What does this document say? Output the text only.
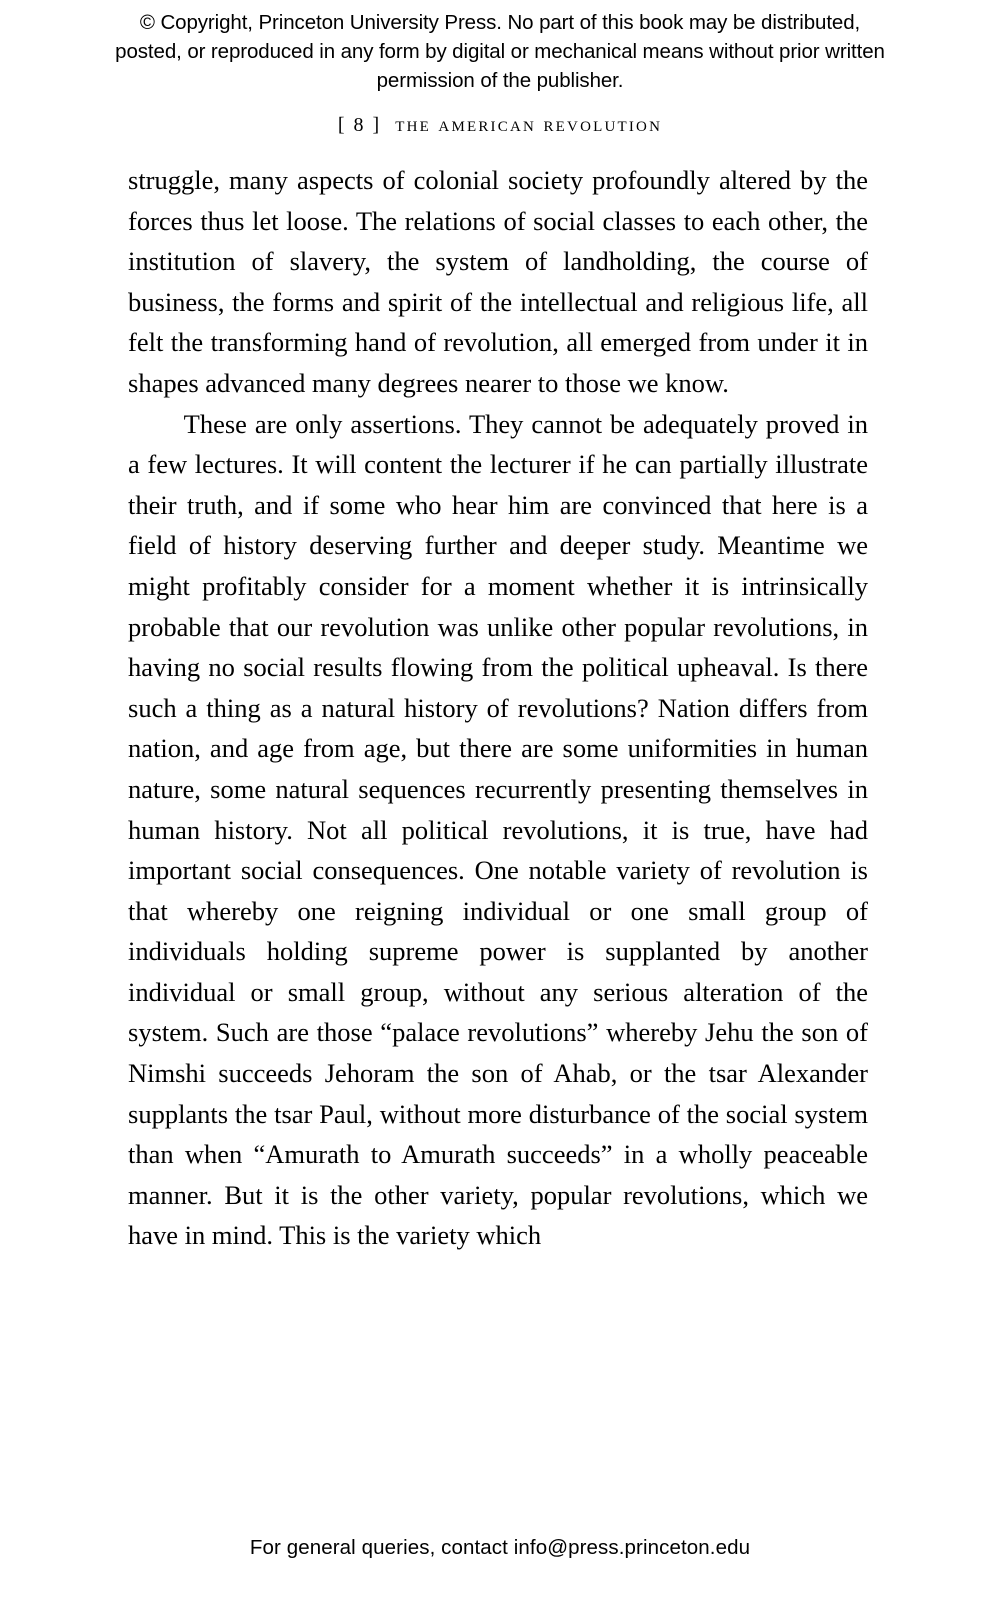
© Copyright, Princeton University Press. No part of this book may be distributed, posted, or reproduced in any form by digital or mechanical means without prior written permission of the publisher.
[ 8 ] the american revolution

struggle, many aspects of colonial society profoundly altered by the forces thus let loose. The relations of social classes to each other, the institution of slavery, the system of landholding, the course of business, the forms and spirit of the intellectual and religious life, all felt the transforming hand of revolution, all emerged from under it in shapes advanced many degrees nearer to those we know.

These are only assertions. They cannot be adequately proved in a few lectures. It will content the lecturer if he can partially illustrate their truth, and if some who hear him are convinced that here is a field of history deserving further and deeper study. Meantime we might profitably consider for a moment whether it is intrinsically probable that our revolution was unlike other popular revolutions, in having no social results flowing from the political upheaval. Is there such a thing as a natural history of revolutions? Nation differs from nation, and age from age, but there are some uniformities in human nature, some natural sequences recurrently presenting themselves in human history. Not all political revolutions, it is true, have had important social consequences. One notable variety of revolution is that whereby one reigning individual or one small group of individuals holding supreme power is supplanted by another individual or small group, without any serious alteration of the system. Such are those “palace revolutions” whereby Jehu the son of Nimshi succeeds Jehoram the son of Ahab, or the tsar Alexander supplants the tsar Paul, without more disturbance of the social system than when “Amurath to Amurath succeeds” in a wholly peaceable manner. But it is the other variety, popular revolutions, which we have in mind. This is the variety which

For general queries, contact info@press.princeton.edu
